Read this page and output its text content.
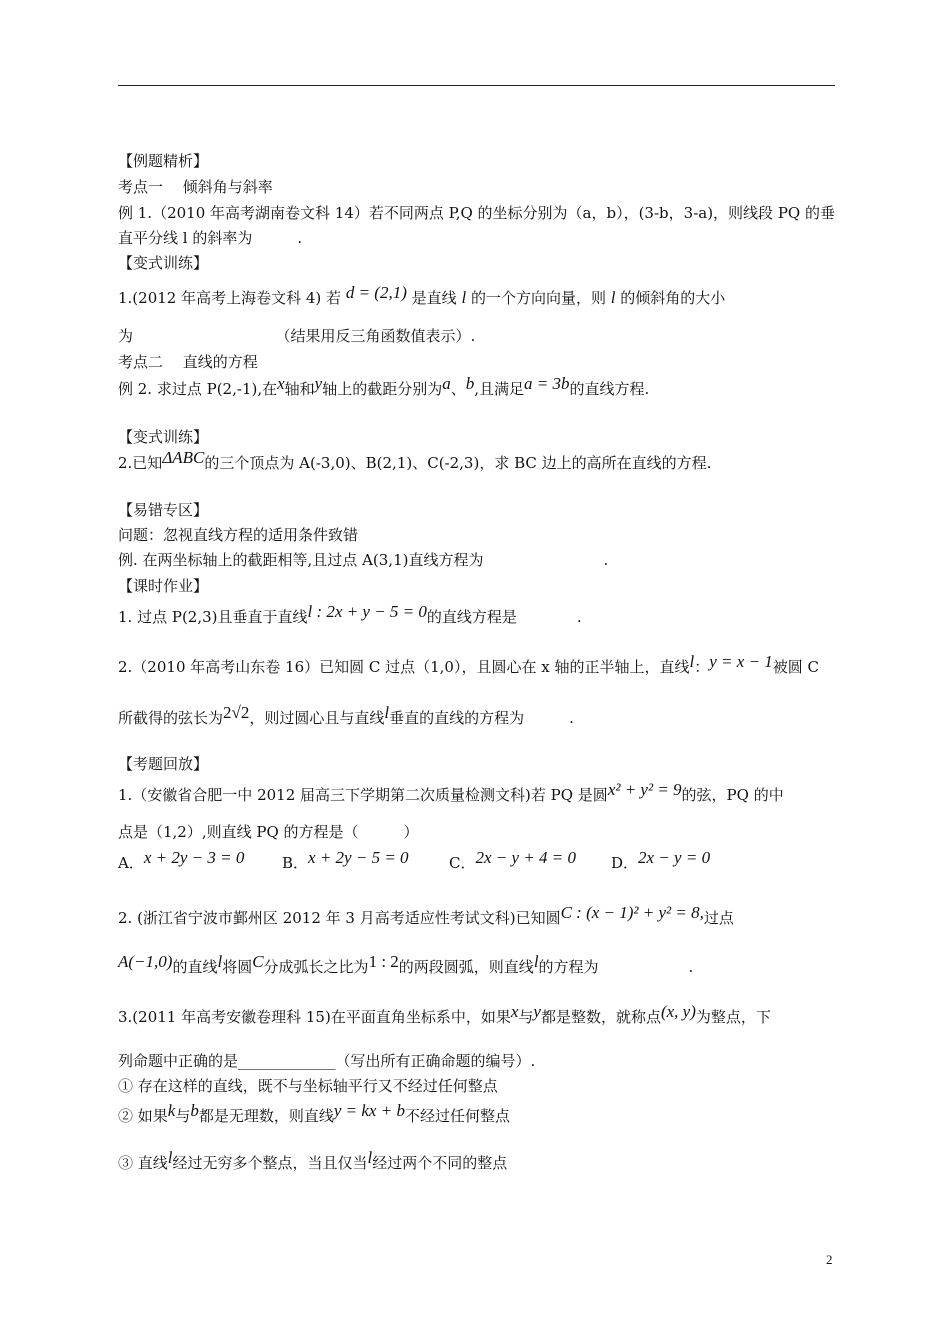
【例题精析】
考点一　 倾斜角与斜率
例 1.（2010 年高考湖南卷文科 14）若不同两点 P,Q 的坐标分别为（a，b），(3-b，3-a)，则线段 PQ 的垂
直平分线 l 的斜率为　　　.
【变式训练】
1.(2012 年高考上海卷文科 4) 若 d = (2,1) 是直线 l 的一个方向向量，则 l 的倾斜角的大小
为　　　　　　　　　　（结果用反三角函数值表示）.
考点二　 直线的方程
例 2. 求过点 P(2,-1),在x轴和y轴上的截距分别为a、b,且满足a = 3b的直线方程.
【变式训练】
2.已知ΔABC的三个顶点为 A(-3,0)、B(2,1)、C(-2,3)，求 BC 边上的高所在直线的方程.
【易错专区】
问题：忽视直线方程的适用条件致错
例. 在两坐标轴上的截距相等,且过点 A(3,1)直线方程为　　　　　　　　.
【课时作业】
1. 过点 P(2,3)且垂直于直线l : 2x + y − 5 = 0的直线方程是　　　　.
2.（2010 年高考山东卷 16）已知圆 C 过点（1,0），且圆心在 x 轴的正半轴上，直线l：y = x − 1被圆 C
所截得的弦长为2√2，则过圆心且与直线l垂直的直线的方程为　　　.
【考题回放】
1.（安徽省合肥一中 2012 届高三下学期第二次质量检测文科)若 PQ 是圆x² + y² = 9的弦，PQ 的中
点是（1,2）,则直线 PQ 的方程是（　　　）
A．x + 2y − 3 = 0	B．x + 2y − 5 = 0	C．2x − y + 4 = 0 D．2x − y = 0
2. (浙江省宁波市鄞州区 2012 年 3 月高考适应性考试文科)已知圆C : (x − 1)² + y² = 8,过点
A(−1,0)的直线l将圆C分成弧长之比为1 : 2的两段圆弧，则直线l的方程为　　　　　　.
3.(2011 年高考安徽卷理科 15)在平面直角坐标系中，如果x与y都是整数，就称点(x, y)为整点，下
列命题中正确的是_____________（写出所有正确命题的编号）.
① 存在这样的直线，既不与坐标轴平行又不经过任何整点
② 如果k与b都是无理数，则直线y = kx + b不经过任何整点
③ 直线l经过无穷多个整点，当且仅当l经过两个不同的整点
2
